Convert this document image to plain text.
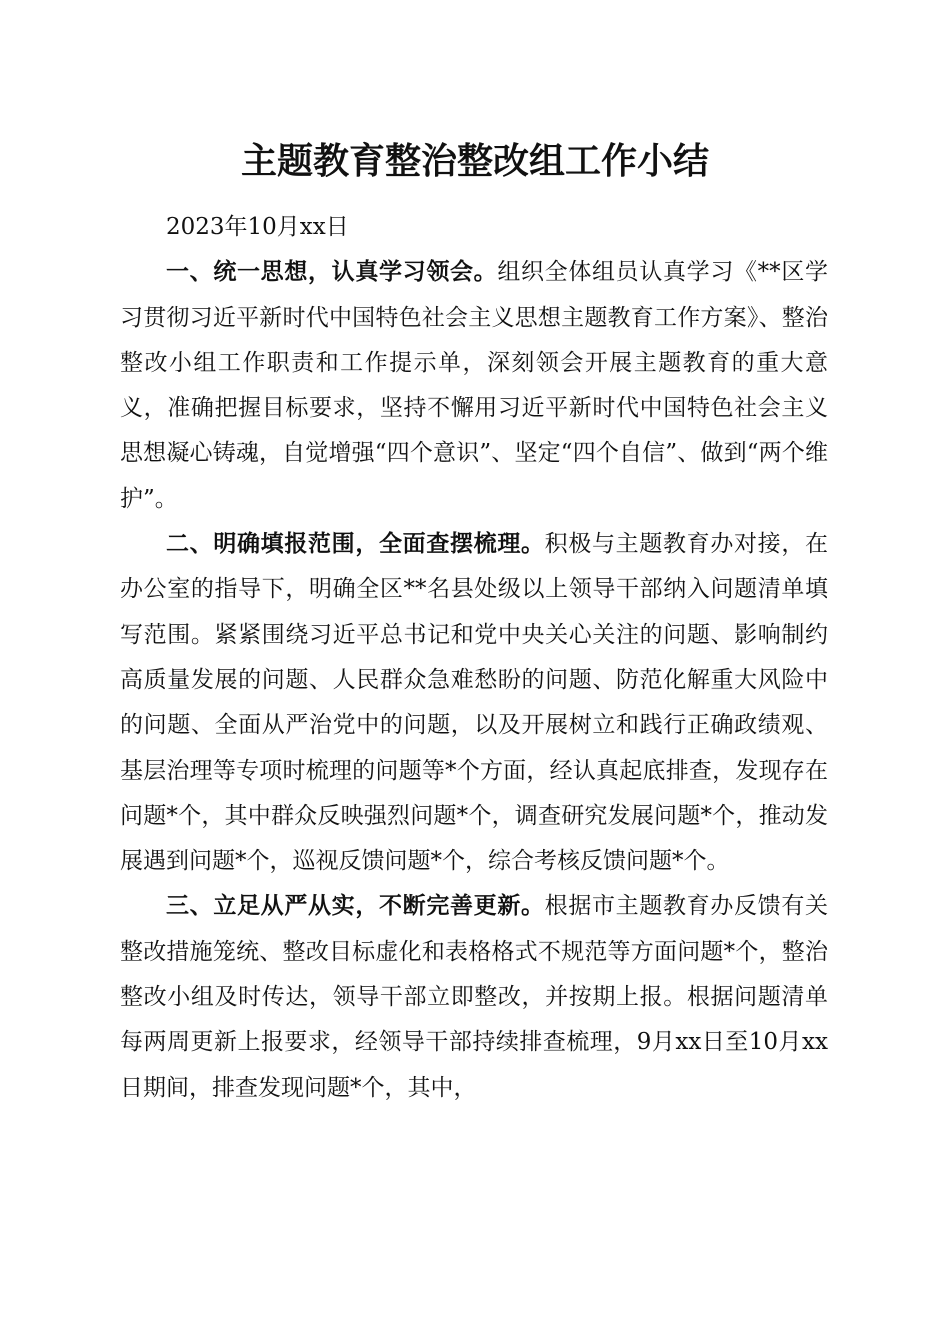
主题教育整治整改组工作小结

2023年10月xx日

一、统一思想，认真学习领会。组织全体组员认真学习《**区学习贯彻习近平新时代中国特色社会主义思想主题教育工作方案》、整治整改小组工作职责和工作提示单，深刻领会开展主题教育的重大意义，准确把握目标要求，坚持不懈用习近平新时代中国特色社会主义思想凝心铸魂，自觉增强“四个意识”、坚定“四个自信”、做到“两个维护”。

二、明确填报范围，全面查摆梳理。积极与主题教育办对接，在办公室的指导下，明确全区**名县处级以上领导干部纳入问题清单填写范围。紧紧围绕习近平总书记和党中央关心关注的问题、影响制约高质量发展的问题、人民群众急难愁盼的问题、防范化解重大风险中的问题、全面从严治党中的问题，以及开展树立和践行正确政绩观、基层治理等专项时梳理的问题等*个方面，经认真起底排查，发现存在问题*个，其中群众反映强烈问题*个，调查研究发展问题*个，推动发展遇到问题*个，巡视反馈问题*个，综合考核反馈问题*个。

三、立足从严从实，不断完善更新。根据市主题教育办反馈有关整改措施笼统、整改目标虚化和表格格式不规范等方面问题*个，整治整改小组及时传达，领导干部立即整改，并按期上报。根据问题清单每两周更新上报要求，经领导干部持续排查梳理，9月xx日至10月xx日期间，排查发现问题*个，其中，
